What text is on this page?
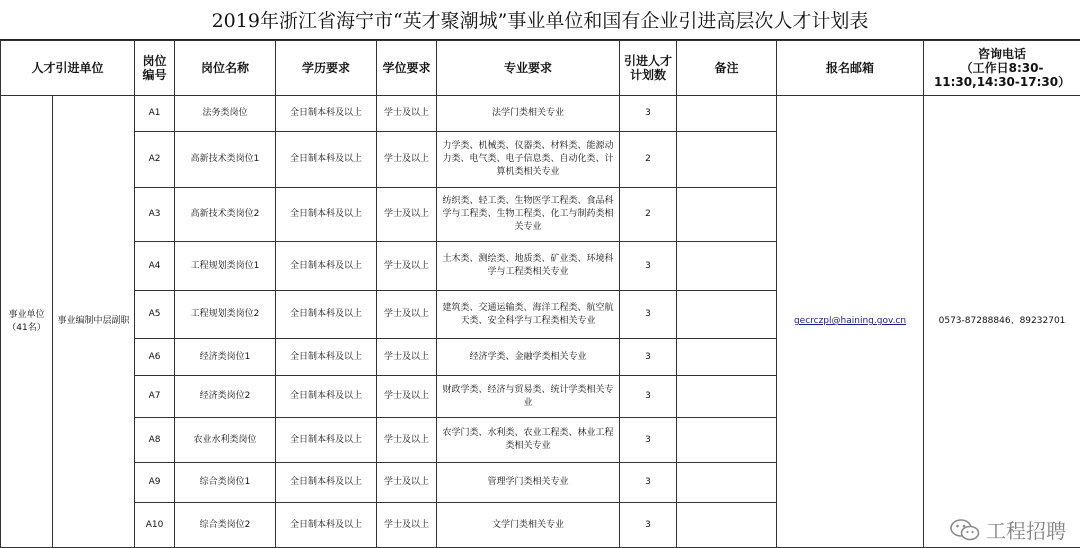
2019年浙江省海宁市“英才聚潮城”事业单位和国有企业引进高层次人才计划表
人才引进单位		岗位编号	岗位名称	学历要求	学位要求	专业要求	引进人才计划数	备注	报名邮箱	咨询电话
（工作日8:30-11:30,14:30-17:30）

事业单位（41名）	事业编制中层副职	A1	法务类岗位	全日制本科及以上	学士及以上	法学门类相关专业	3		gecrczpl@haining.gov.cn	0573-87288846、89232701
		A2	高新技术类岗位1	全日制本科及以上	学士及以上	力学类、机械类、仪器类、材料类、能源动力类、电气类、电子信息类、自动化类、计算机类相关专业	2			
		A3	高新技术类岗位2	全日制本科及以上	学士及以上	纺织类、轻工类、生物医学工程类、食品科学与工程类、生物工程类、化工与制药类相关专业	2			
		A4	工程规划类岗位1	全日制本科及以上	学士及以上	土木类、测绘类、地质类、矿业类、环境科学与工程类相关专业	3			
		A5	工程规划类岗位2	全日制本科及以上	学士及以上	建筑类、交通运输类、海洋工程类、航空航天类、安全科学与工程类相关专业	3			
		A6	经济类岗位1	全日制本科及以上	学士及以上	经济学类、金融学类相关专业	3			
		A7	经济类岗位2	全日制本科及以上	学士及以上	财政学类、经济与贸易类、统计学类相关专业	3			
		A8	农业水利类岗位	全日制本科及以上	学士及以上	农学门类、水利类、农业工程类、林业工程类相关专业	3			
		A9	综合类岗位1	全日制本科及以上	学士及以上	管理学门类相关专业	3			
		A10	综合类岗位2	全日制本科及以上	学士及以上	文学门类相关专业	3				工程招聘
